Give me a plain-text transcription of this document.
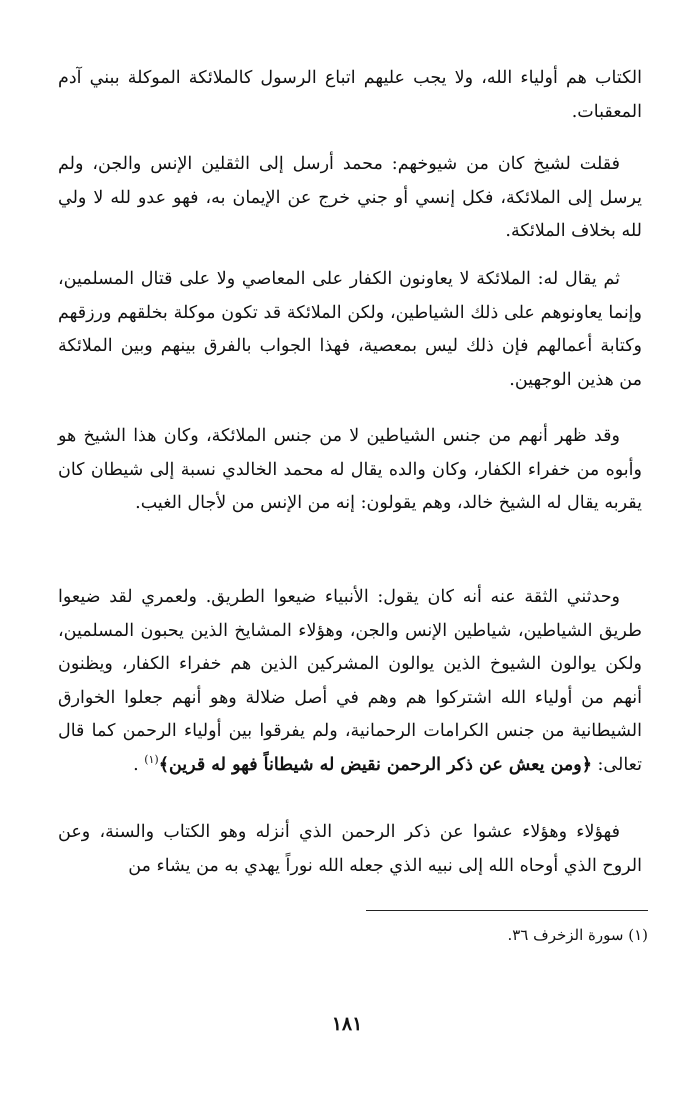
الكتاب هم أولياء الله، ولا يجب عليهم اتباع الرسول كالملائكة الموكلة ببني آدم المعقبات.

فقلت لشيخ كان من شيوخهم: محمد أرسل إلى الثقلين الإنس والجن، ولم يرسل إلى الملائكة، فكل إنسي أو جني خرج عن الإيمان به، فهو عدو لله لا ولي لله بخلاف الملائكة.

ثم يقال له: الملائكة لا يعاونون الكفار على المعاصي ولا على قتال المسلمين، وإنما يعاونوهم على ذلك الشياطين، ولكن الملائكة قد تكون موكلة بخلقهم ورزقهم وكتابة أعمالهم فإن ذلك ليس بمعصية، فهذا الجواب بالفرق بينهم وبين الملائكة من هذين الوجهين.

وقد ظهر أنهم من جنس الشياطين لا من جنس الملائكة، وكان هذا الشيخ هو وأبوه من خفراء الكفار، وكان والده يقال له محمد الخالدي نسبة إلى شيطان كان يقربه يقال له الشيخ خالد، وهم يقولون: إنه من الإنس من لأجال الغيب.

وحدثني الثقة عنه أنه كان يقول: الأنبياء ضيعوا الطريق. ولعمري لقد ضيعوا طريق الشياطين، شياطين الإنس والجن، وهؤلاء المشايخ الذين يحبون المسلمين، ولكن يوالون الشيوخ الذين يوالون المشركين الذين هم خفراء الكفار، ويظنون أنهم من أولياء الله اشتركوا هم وهم في أصل ضلالة وهو أنهم جعلوا الخوارق الشيطانية من جنس الكرامات الرحمانية، ولم يفرقوا بين أولياء الرحمن كما قال تعالى: ﴿ومن يعش عن ذكر الرحمن نقيض له شيطاناً فهو له قرين﴾$^{(١)}$ .

فهؤلاء وهؤلاء عشوا عن ذكر الرحمن الذي أنزله وهو الكتاب والسنة، وعن الروح الذي أوحاه الله إلى نبيه الذي جعله الله نوراً يهدي به من يشاء من

(١) سورة الزخرف ٣٦.

١٨١
